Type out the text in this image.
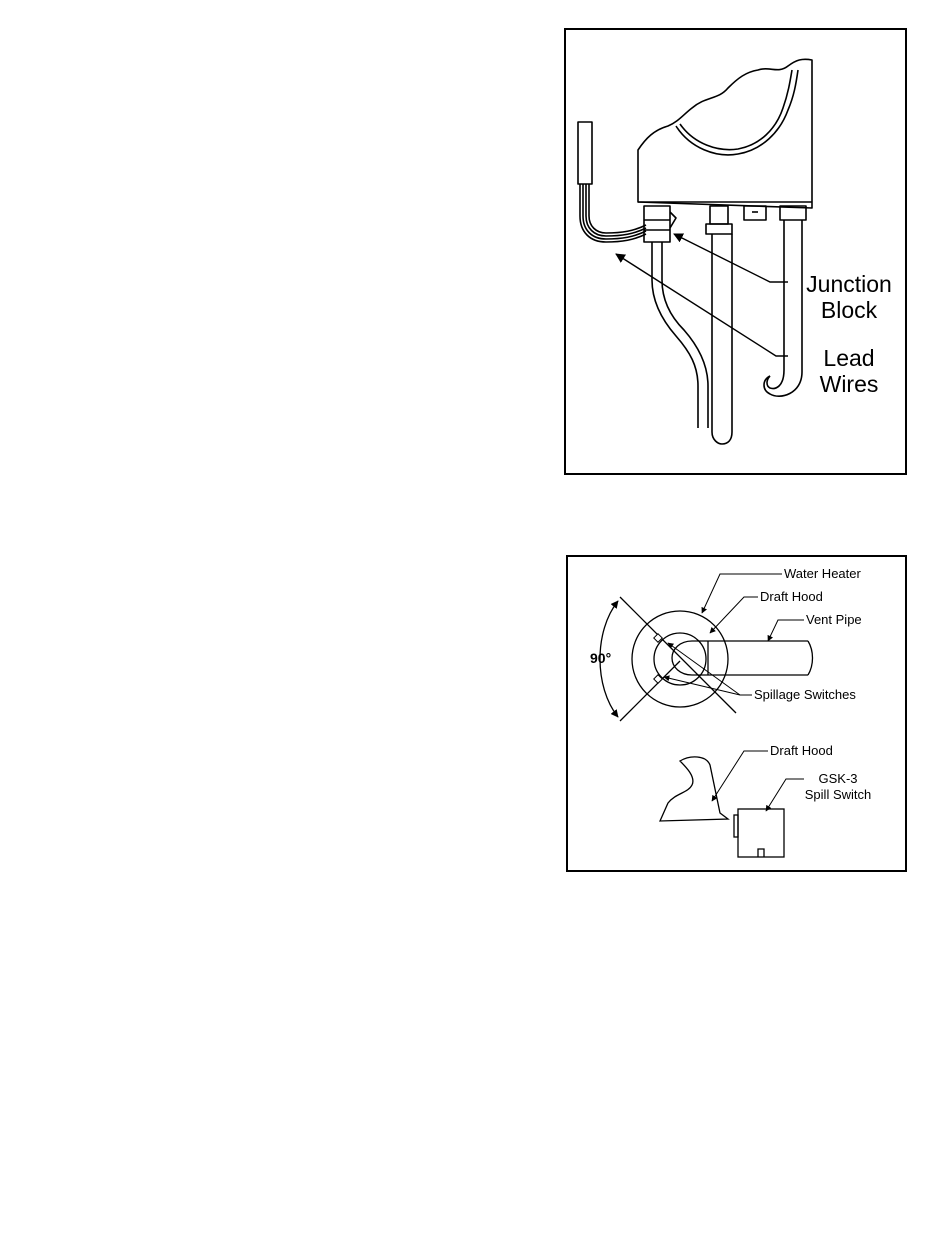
Junction
Block
Lead
Wires
Water Heater
Draft Hood
Vent Pipe
90°
Spillage Switches
Draft Hood
GSK-3
Spill Switch
